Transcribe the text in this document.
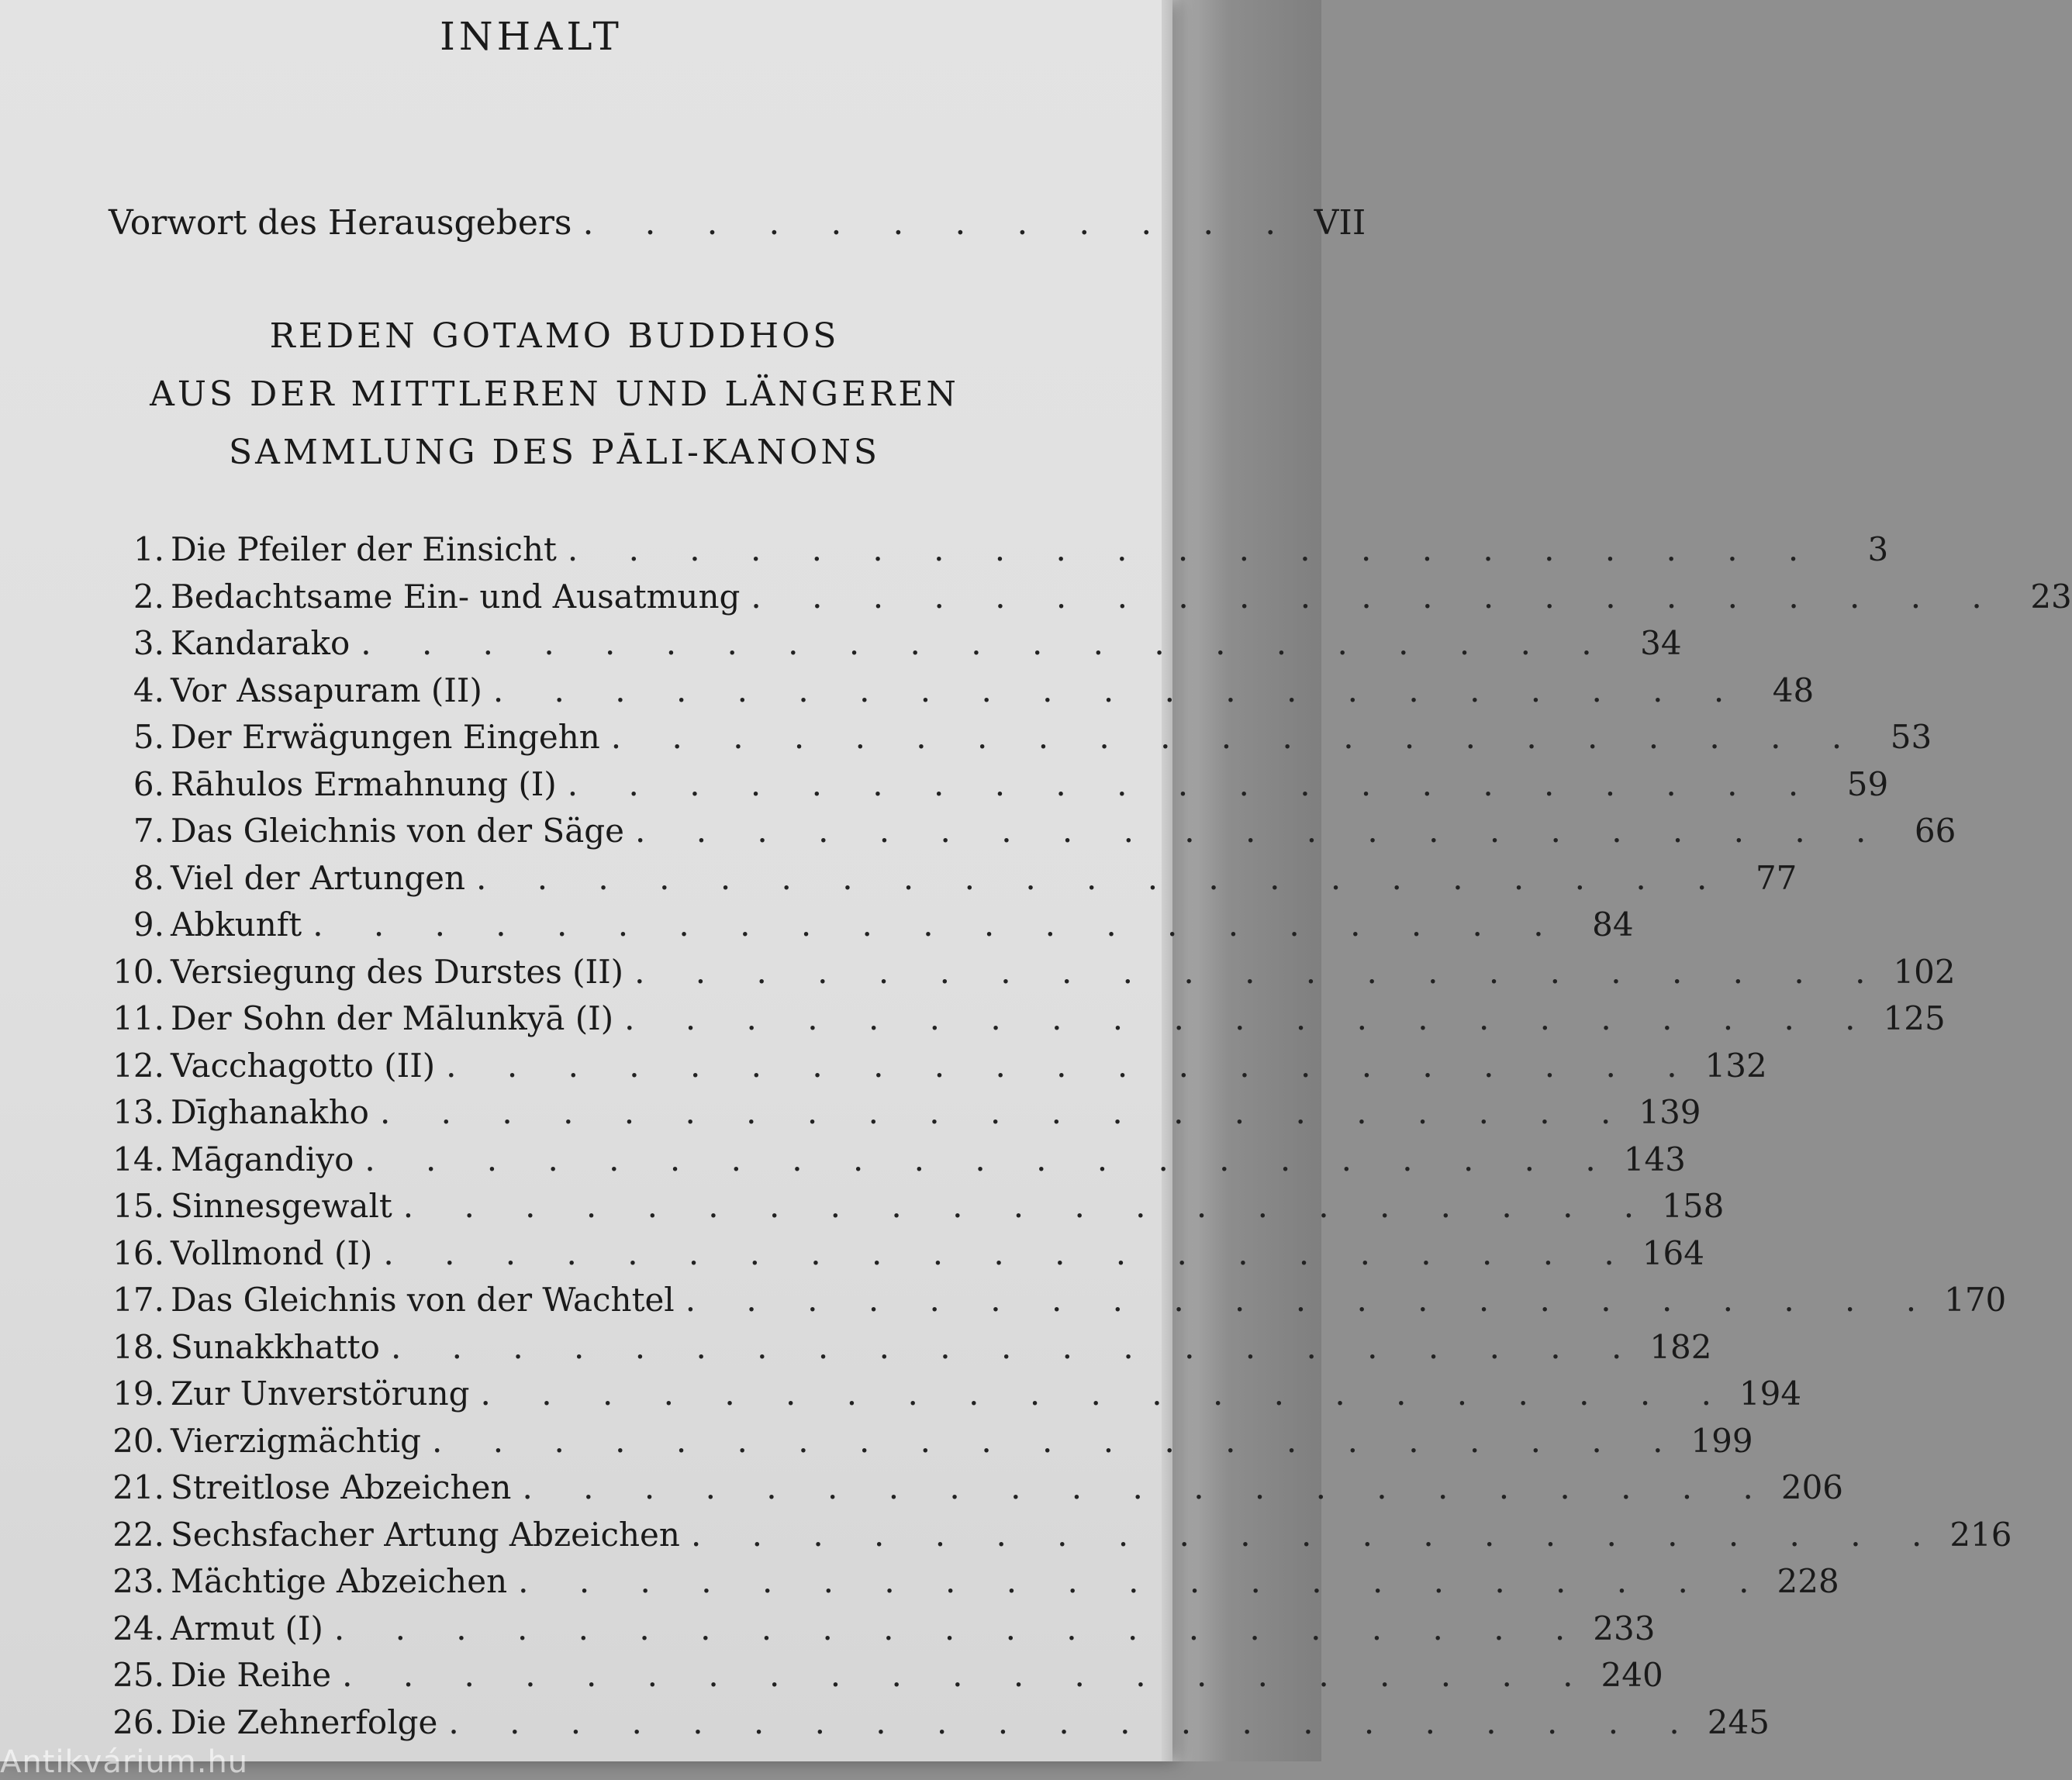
INHALT
Vorwort des Herausgebers . . . . . . . . . . . . VII
REDEN GOTAMO BUDDHOS
AUS DER MITTLEREN UND LÄNGEREN
SAMMLUNG DES PĀLI-KANONS
1. Die Pfeiler der Einsicht . . . . . . . . . . . . . . . . . . . . .	3
2. Bedachtsame Ein- und Ausatmung . . . . . . . . . . . . . . . . . . . . . 23
3. Kandarako . . . . . . . . . . . . . . . . . . . . . 34
4. Vor Assapuram (II) . . . . . . . . . . . . . . . . . . . . . 48
5. Der Erwägungen Eingehn . . . . . . . . . . . . . . . . . . . . . 53
6. Rāhulos Ermahnung (I) . . . . . . . . . . . . . . . . . . . . . 59
7. Das Gleichnis von der Säge . . . . . . . . . . . . . . . . . . . . . 66
8. Viel der Artungen . . . . . . . . . . . . . . . . . . . . . 77
9. Abkunft . . . . . . . . . . . . . . . . . . . . . 84
10. Versiegung des Durstes (II) . . . . . . . . . . . . . . . . . . . . . 102
11. Der Sohn der Mālunkyā (I) . . . . . . . . . . . . . . . . . . . . . 125
12. Vacchagotto (II) . . . . . . . . . . . . . . . . . . . . . 132
13. Dīghanakho . . . . . . . . . . . . . . . . . . . . . 139
14. Māgandiyo . . . . . . . . . . . . . . . . . . . . . 143
15. Sinnesgewalt . . . . . . . . . . . . . . . . . . . . . 158
16. Vollmond (I) . . . . . . . . . . . . . . . . . . . . . 164
17. Das Gleichnis von der Wachtel . . . . . . . . . . . . . . . . . . . . . 170
18. Sunakkhatto . . . . . . . . . . . . . . . . . . . . . 182
19. Zur Unverstörung . . . . . . . . . . . . . . . . . . . . . 194
20. Vierzigmächtig . . . . . . . . . . . . . . . . . . . . . 199
21. Streitlose Abzeichen . . . . . . . . . . . . . . . . . . . . . 206
22. Sechsfacher Artung Abzeichen . . . . . . . . . . . . . . . . . . . . . 216
23. Mächtige Abzeichen . . . . . . . . . . . . . . . . . . . . . 228
24. Armut (I) . . . . . . . . . . . . . . . . . . . . . 233
25. Die Reihe . . . . . . . . . . . . . . . . . . . . . 240
26. Die Zehnerfolge . . . . . . . . . . . . . . . . . . . . . 245
Antikvárium.hu
